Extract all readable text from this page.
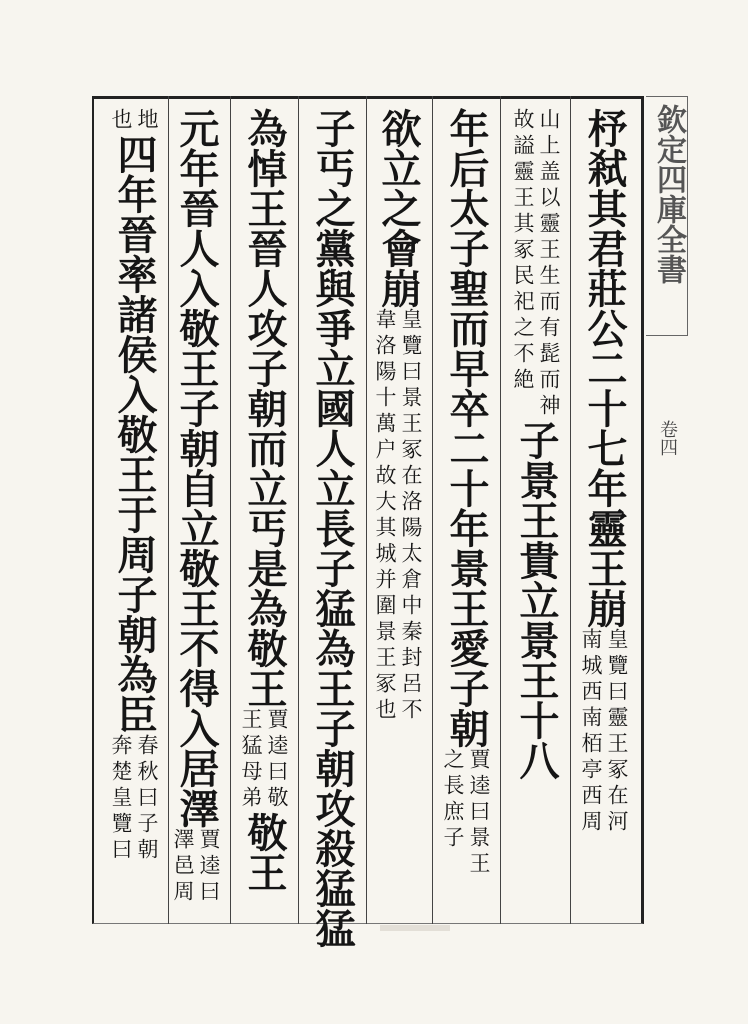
欽定四庫全書
卷四
杼弒其君莊公二十七年靈王崩
皇覽曰靈王冢在河
南城西南栢亭西周
山上盖以靈王生而有髭而神
故謚靈王其冢民祀之不絶
子景王貴立景王十八
年后太子聖而早卒二十年景王愛子朝
賈逵曰景王
之長庶子
欲立之會崩
皇覽曰景王冢在洛陽太倉中秦封呂不
韋洛陽十萬户故大其城并圍景王冢也
子丐之黨與爭立國人立長子猛為王子朝攻殺猛猛
為悼王晉人攻子朝而立丐是為敬王
賈逵曰敬
王猛母弟
敬王
元年晉人入敬王子朝自立敬王不得入居澤
賈逵曰
澤邑周
地
也
四年晉率諸侯入敬王于周子朝為臣
春秋曰子朝
奔楚皇覽曰
